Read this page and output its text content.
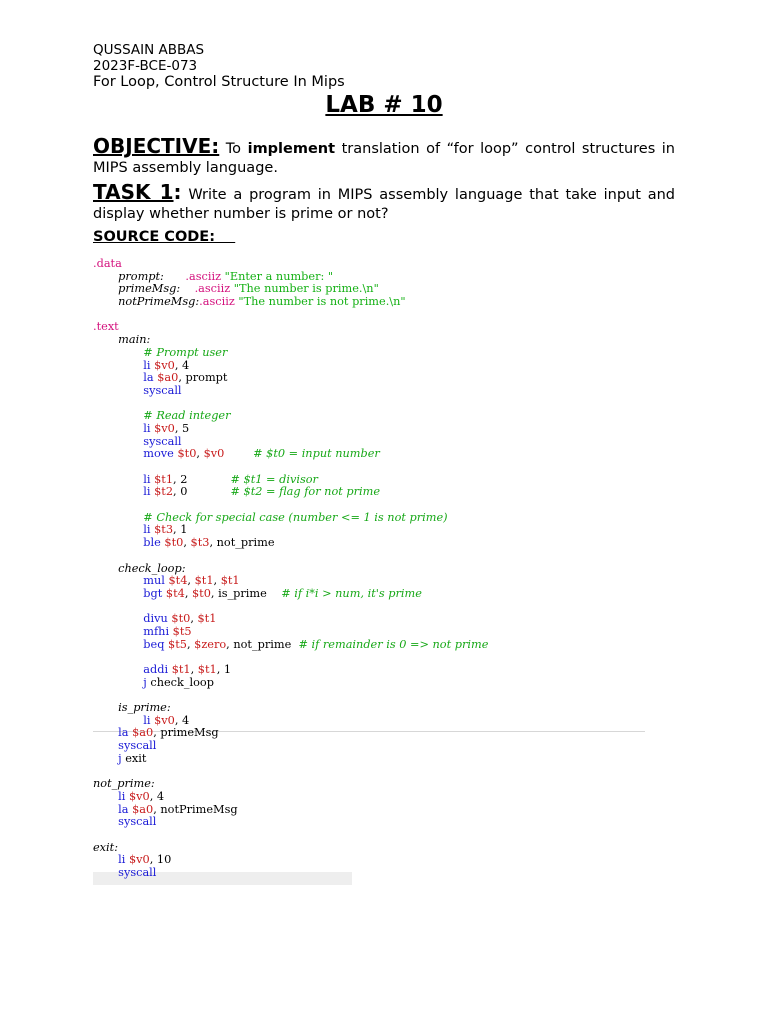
QUSSAIN ABBAS
2023F-BCE-073
For Loop, Control Structure In Mips
LAB # 10
OBJECTIVE: To implement translation of “for loop” control structures in MIPS assembly language.
TASK 1: Write a program in MIPS assembly language that take input and display whether number is prime or not?
SOURCE CODE:
.data
prompt: .asciiz "Enter a number: "
primeMsg: .asciiz "The number is prime.\n"
notPrimeMsg:.asciiz "The number is not prime.\n"
.text
main:
# Prompt user
li $v0, 4
la $a0, prompt
syscall
# Read integer
li $v0, 5
syscall
move $t0, $v0	# $t0 = input number
li $t1, 2	# $t1 = divisor
li $t2, 0	# $t2 = flag for not prime
# Check for special case (number <= 1 is not prime)
li $t3, 1
ble $t0, $t3, not_prime
check_loop:
mul $t4, $t1, $t1
bgt $t4, $t0, is_prime # if i*i > num, it's prime
divu $t0, $t1
mfhi $t5
beq $t5, $zero, not_prime # if remainder is 0 => not prime
addi $t1, $t1, 1
j check_loop
is_prime:
li $v0, 4
la $a0, primeMsg
syscall
j exit
not_prime:
li $v0, 4
la $a0, notPrimeMsg
syscall
exit:
li $v0, 10
syscall
